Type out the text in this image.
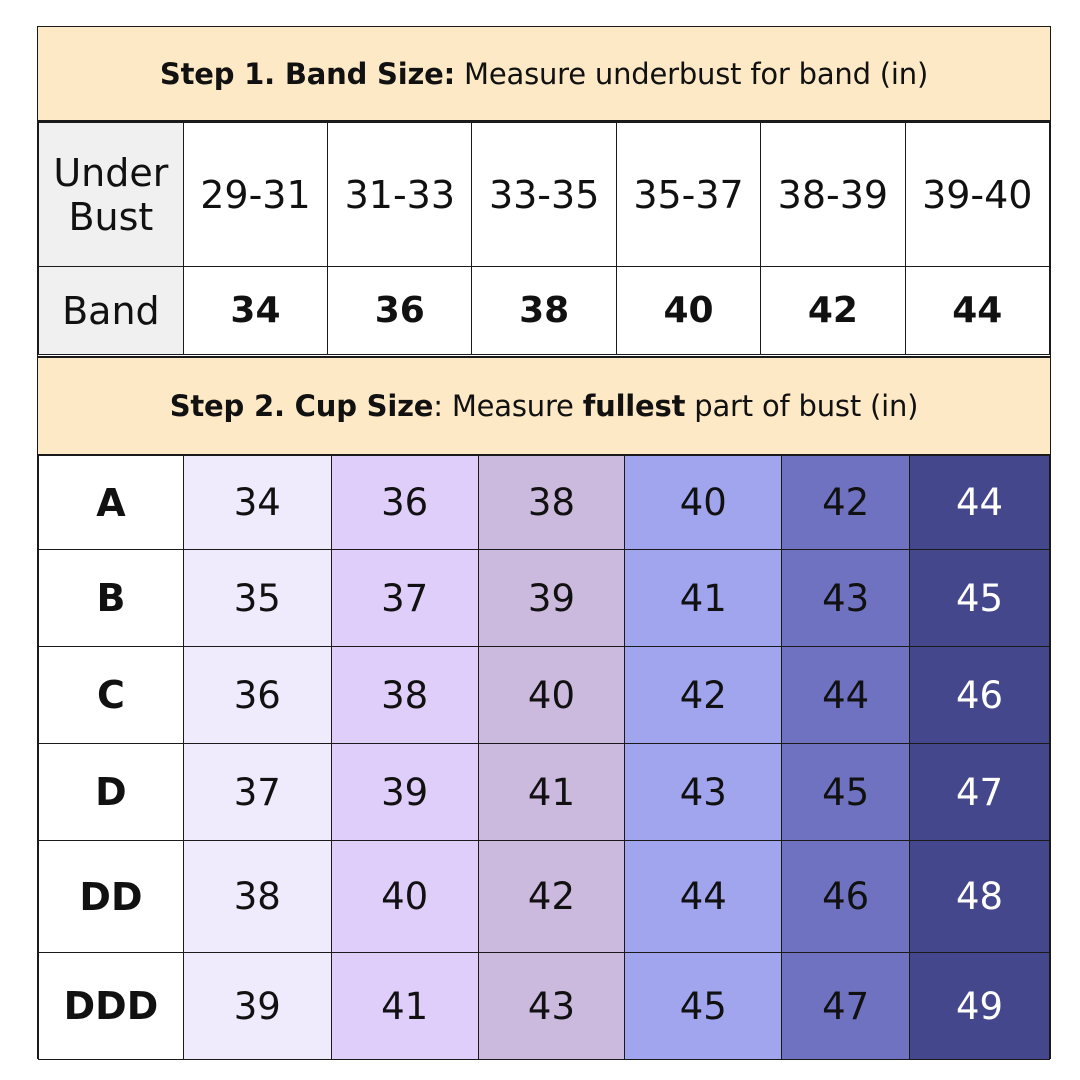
Step 1. Band Size: Measure underbust for band (in)
Under
Bust	29-31	31-33	33-35	35-37	38-39	39-40
Band	34	36	38	40	42	44
Step 2. Cup Size: Measure fullest part of bust (in)
A	34	36	38	40	42	44
B	35	37	39	41	43	45
C	36	38	40	42	44	46
D	37	39	41	43	45	47
DD	38	40	42	44	46	48
DDD	39	41	43	45	47	49
